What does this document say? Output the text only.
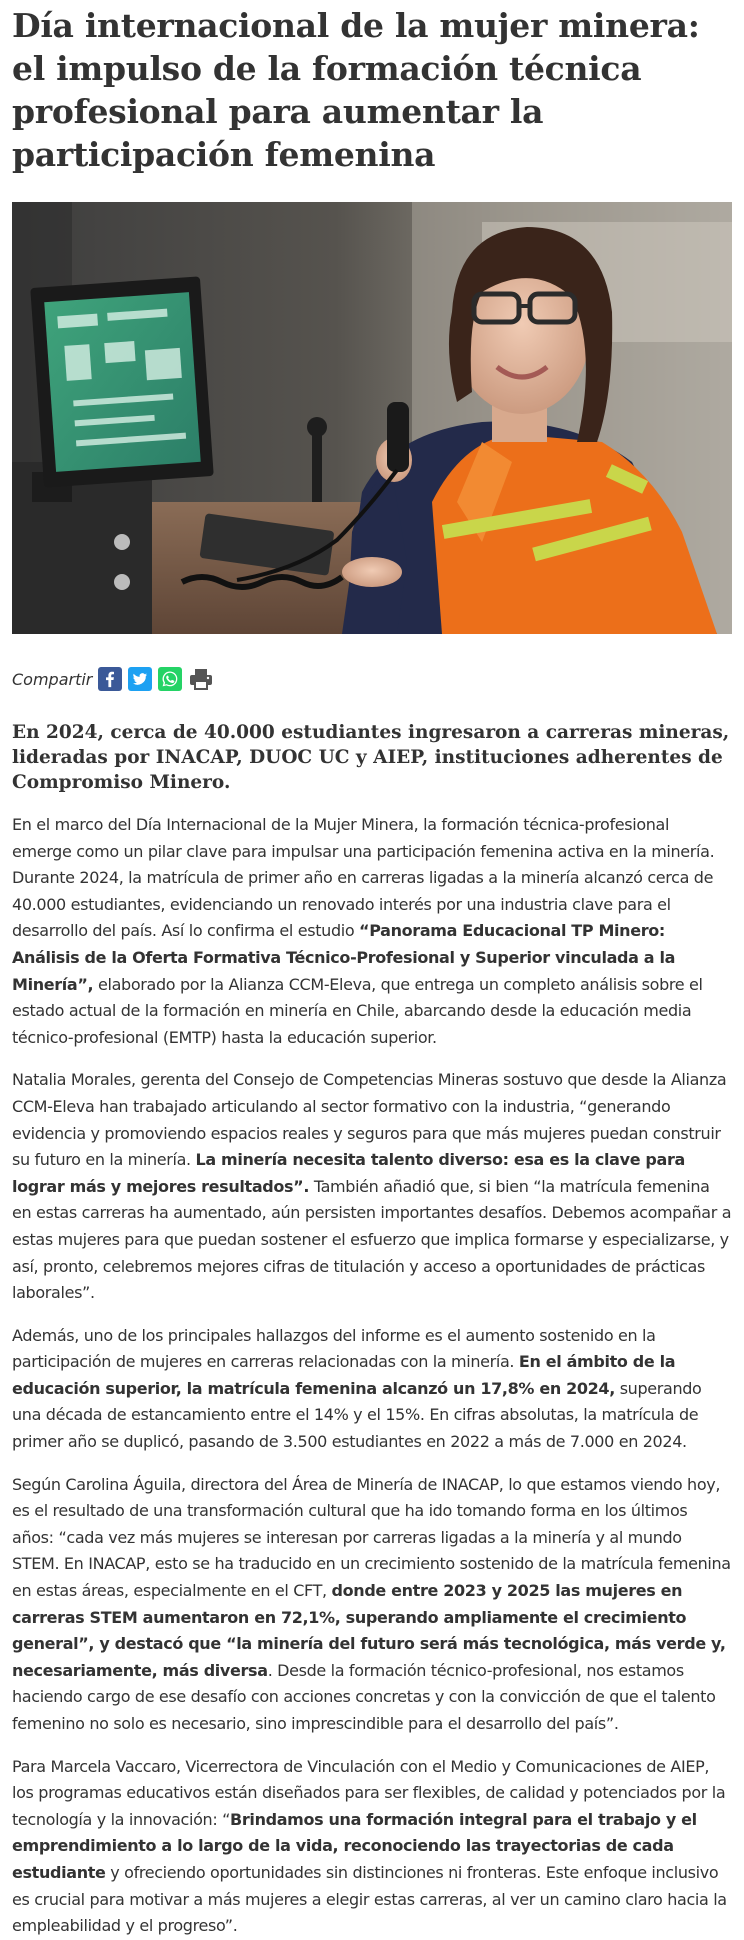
Día internacional de la mujer minera: el impulso de la formación técnica profesional para aumentar la participación femenina
Compartir
En 2024, cerca de 40.000 estudiantes ingresaron a carreras mineras, lideradas por INACAP, DUOC UC y AIEP, instituciones adherentes de Compromiso Minero.

En el marco del Día Internacional de la Mujer Minera, la formación técnica-profesional emerge como un pilar clave para impulsar una participación femenina activa en la minería. Durante 2024, la matrícula de primer año en carreras ligadas a la minería alcanzó cerca de 40.000 estudiantes, evidenciando un renovado interés por una industria clave para el desarrollo del país. Así lo confirma el estudio “Panorama Educacional TP Minero: Análisis de la Oferta Formativa Técnico-Profesional y Superior vinculada a la Minería”, elaborado por la Alianza CCM-Eleva, que entrega un completo análisis sobre el estado actual de la formación en minería en Chile, abarcando desde la educación media técnico-profesional (EMTP) hasta la educación superior.

Natalia Morales, gerenta del Consejo de Competencias Mineras sostuvo que desde la Alianza CCM-Eleva han trabajado articulando al sector formativo con la industria, “generando evidencia y promoviendo espacios reales y seguros para que más mujeres puedan construir su futuro en la minería. La minería necesita talento diverso: esa es la clave para lograr más y mejores resultados”. También añadió que, si bien “la matrícula femenina en estas carreras ha aumentado, aún persisten importantes desafíos. Debemos acompañar a estas mujeres para que puedan sostener el esfuerzo que implica formarse y especializarse, y así, pronto, celebremos mejores cifras de titulación y acceso a oportunidades de prácticas laborales”.

Además, uno de los principales hallazgos del informe es el aumento sostenido en la participación de mujeres en carreras relacionadas con la minería. En el ámbito de la educación superior, la matrícula femenina alcanzó un 17,8% en 2024, superando una década de estancamiento entre el 14% y el 15%. En cifras absolutas, la matrícula de primer año se duplicó, pasando de 3.500 estudiantes en 2022 a más de 7.000 en 2024.

Según Carolina Águila, directora del Área de Minería de INACAP, lo que estamos viendo hoy, es el resultado de una transformación cultural que ha ido tomando forma en los últimos años: “cada vez más mujeres se interesan por carreras ligadas a la minería y al mundo STEM. En INACAP, esto se ha traducido en un crecimiento sostenido de la matrícula femenina en estas áreas, especialmente en el CFT, donde entre 2023 y 2025 las mujeres en carreras STEM aumentaron en 72,1%, superando ampliamente el crecimiento general”, y destacó que “la minería del futuro será más tecnológica, más verde y, necesariamente, más diversa. Desde la formación técnico-profesional, nos estamos haciendo cargo de ese desafío con acciones concretas y con la convicción de que el talento femenino no solo es necesario, sino imprescindible para el desarrollo del país”.

Para Marcela Vaccaro, Vicerrectora de Vinculación con el Medio y Comunicaciones de AIEP, los programas educativos están diseñados para ser flexibles, de calidad y potenciados por la tecnología y la innovación: “Brindamos una formación integral para el trabajo y el emprendimiento a lo largo de la vida, reconociendo las trayectorias de cada estudiante y ofreciendo oportunidades sin distinciones ni fronteras. Este enfoque inclusivo es crucial para motivar a más mujeres a elegir estas carreras, al ver un camino claro hacia la empleabilidad y el progreso”.
